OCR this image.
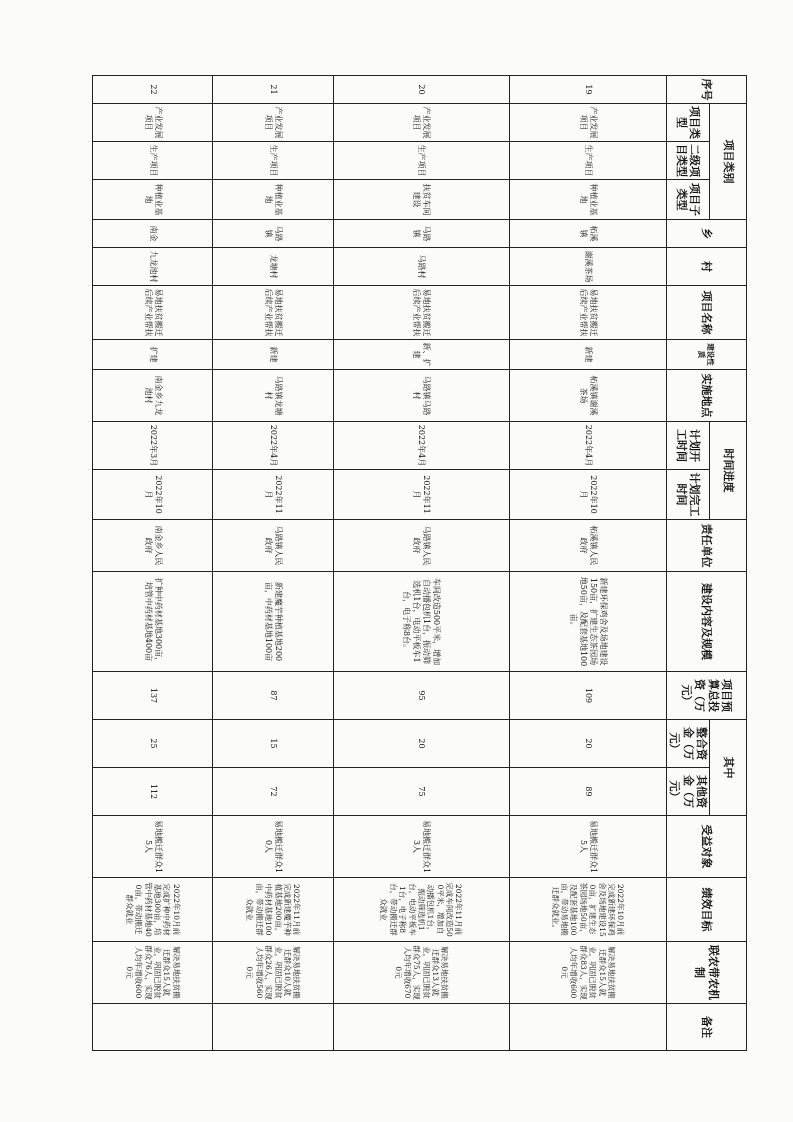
序号	项目类别			乡	村	项目名称	建设性质	实施地点	时间进度		责任单位	建设内容及规模	项目预算总投资（万元）	其中		受益对象	绩效目标	联农带农机制	备注
	项目类型	二级项目类型	项目子类型						计划开工时间	计划完工时间				整合资金（万元）	其他资金（万元）				
19	产业发展项目	生产项目	种植业基地	柘溪镇	谢溪茶场	易地扶贫搬迁后续产业帮扶	新建	柘溪镇谢溪茶场	2022年4月	2022年10月	柘溪镇人民政府	新建环保鸡舍及场地建设150亩，扩建生态茶园场地50亩，及配套基地100亩。	109	20	89	易地搬迁群众15人	2022年10月前完成新建环保鸡舍及场地建设150亩，扩建生态茶园场地50亩，及配套基地100亩，带动易地搬迁群众就业。	解决易地扶贫搬迁群众15人就业，巩固已脱贫群众83人，实现人均年增收6000元	
20	产业发展项目	生产项目	扶贫车间建设	马路镇	马路村	易地扶贫搬迁后续产业帮扶	新、扩建	马路镇马路村	2022年4月	2022年11月	马路镇人民政府	车间改造500平米，增加自动播包机1台，振动筛选机1台，电动平板车1台，电子称8台。	95	20	75	易地搬迁群众13人	2022年11月前完成车间改造500平米，增加自动播包机1台，振动筛选机1台，电动平板车1台，电子称8台，带动搬迁群众就业	解决易地扶贫搬迁群众13人就业，巩固已脱贫群众75人，实现人均年增收6700元	
21	产业发展项目	生产项目	种植业基地	马路镇	龙塘村	易地扶贫搬迁后续产业帮扶	新建	马路镇龙塘村	2022年4月	2022年11月	马路镇人民政府	新建魔芋种植基地200亩，中药材基地100亩	87	15	72	易地搬迁群众10人	2022年11月前完成新建魔芋种植基地200亩，中药材基地100亩，带动搬迁群众就业	解决易地扶贫搬迁群众10人就业，巩固已脱贫群众26人，实现人均年增收5600元	
22	产业发展项目	生产项目	种植业基地	南金	九龙池村	易地扶贫搬迁后续产业帮扶	扩建	南金乡九龙池村	2022年3月	2022年10月	南金乡人民政府	扩种中药材基地300亩，培管中药材基地400亩	137	25	112	易地搬迁群众15人	2022年10月前完成扩种中药材基地300亩，培管中药材基地400亩，带动搬迁群众就业	解决易地扶贫搬迁群众15人就业，巩固已脱贫群众76人，实现人均年增收6000元	
